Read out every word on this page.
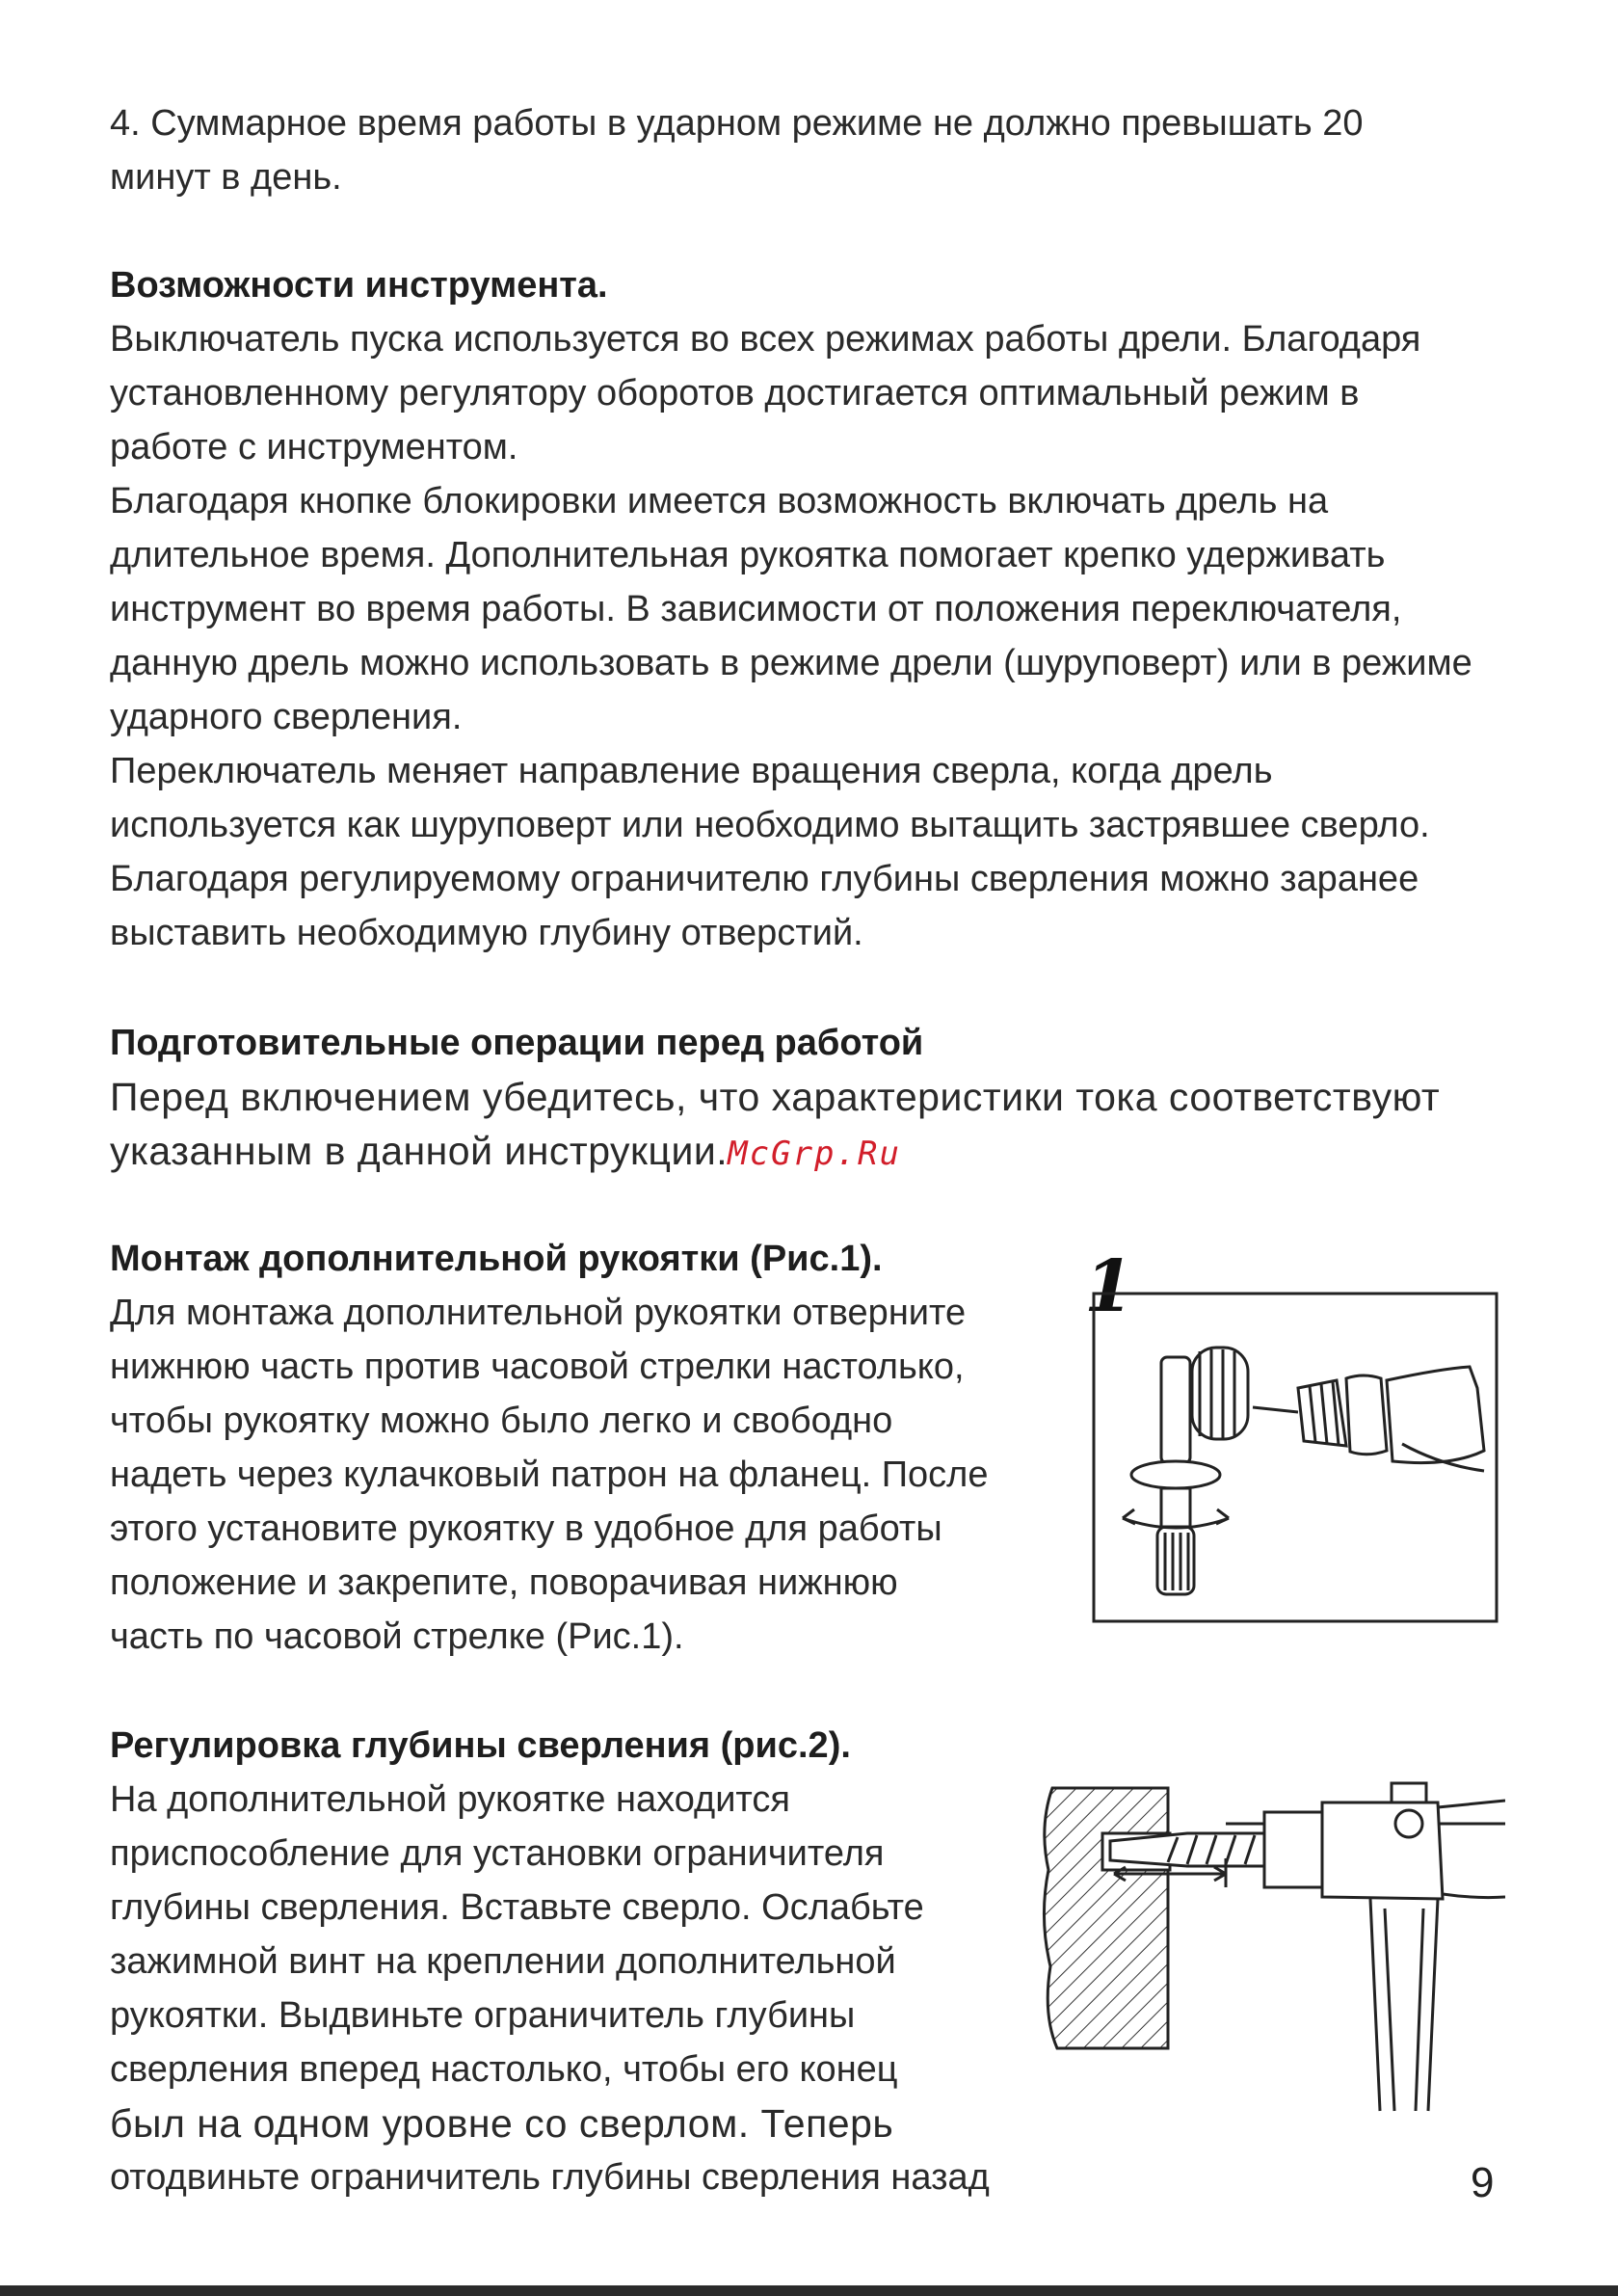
4. Суммарное время работы в ударном режиме не должно превышать 20

минут в день.

Возможности инструмента.

Выключатель пуска используется во всех режимах работы дрели. Благодаря

установленному регулятору оборотов достигается оптимальный режим в

работе с инструментом.

Благодаря кнопке блокировки имеется возможность включать дрель на

длительное время. Дополнительная рукоятка помогает крепко удерживать

инструмент во время работы. В зависимости от положения переключателя,

данную дрель можно использовать в режиме дрели (шуруповерт) или в режиме

ударного сверления.

Переключатель меняет направление вращения сверла, когда дрель

используется как шуруповерт или необходимо вытащить застрявшее сверло.

Благодаря регулируемому ограничителю глубины сверления можно заранее

выставить необходимую глубину отверстий.

Подготовительные операции перед работой

Перед включением убедитесь, что характеристики тока соответствуют

указанным в данной инструкции.McGrp.Ru

Монтаж дополнительной рукоятки (Рис.1).

Для монтажа дополнительной рукоятки отверните

нижнюю часть против часовой стрелки настолько,

чтобы рукоятку можно было легко и свободно

надеть через кулачковый патрон на фланец. После

этого установите рукоятку в удобное для работы

положение и закрепите, поворачивая нижнюю

часть по часовой стрелке (Рис.1).

1

Регулировка глубины сверления (рис.2).

На дополнительной рукоятке находится

приспособление для установки ограничителя

глубины сверления. Вставьте сверло. Ослабьте

зажимной винт на креплении дополнительной

рукоятки. Выдвиньте ограничитель глубины

сверления вперед настолько, чтобы его конец

был на одном уровне со сверлом. Теперь

отодвиньте ограничитель глубины сверления назад	9
